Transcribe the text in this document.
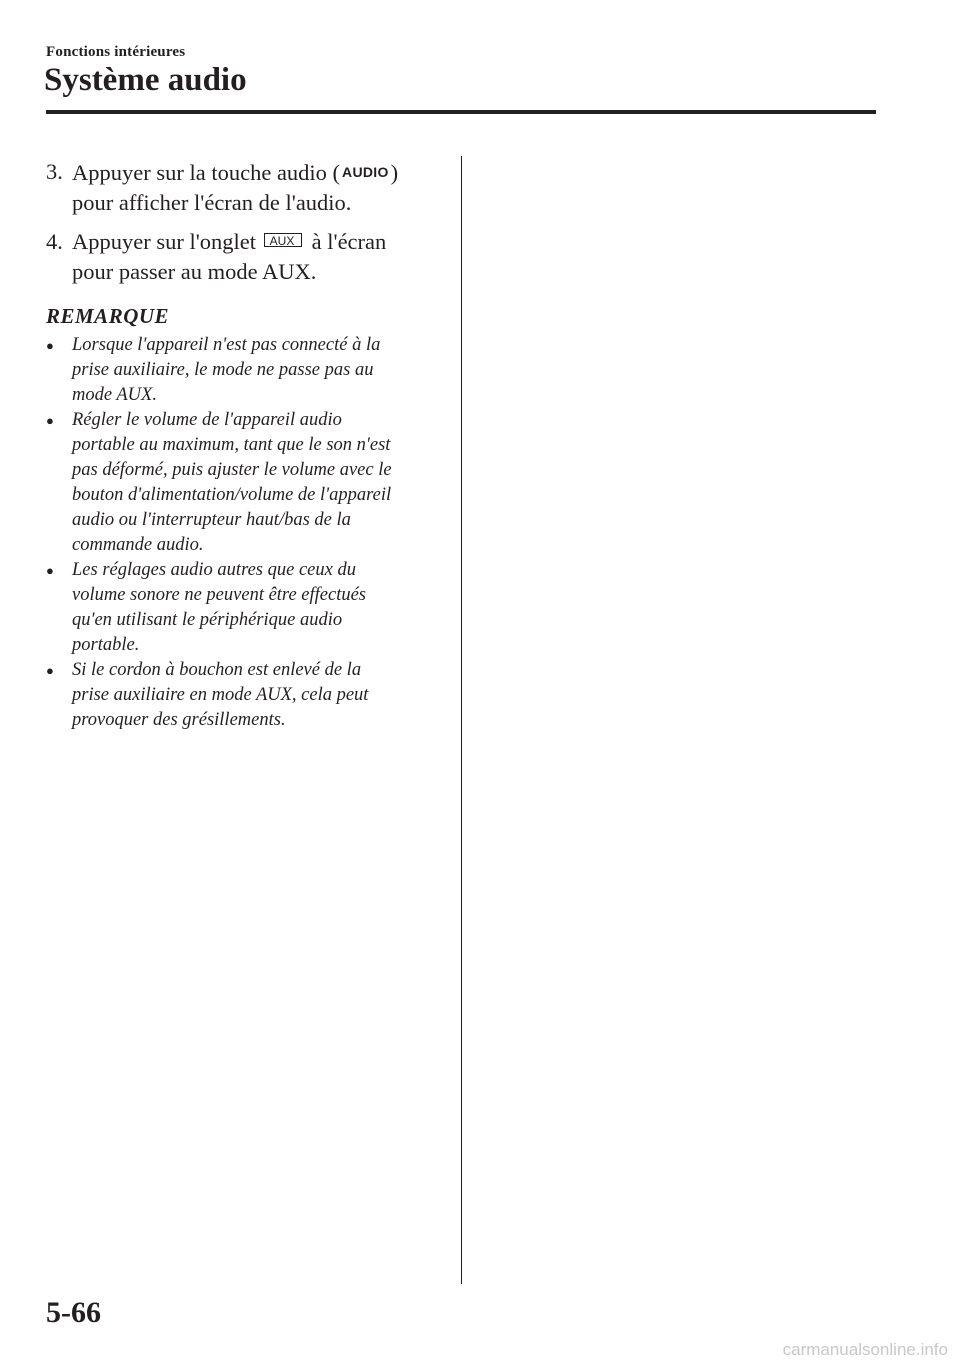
Fonctions intérieures
Système audio
3. Appuyer sur la touche audio ( AUDIO)
pour afficher l'écran de l'audio.
4. Appuyer sur l'onglet AUX à l'écran
pour passer au mode AUX.
REMARQUE
● Lorsque l'appareil n'est pas connecté à la
prise auxiliaire, le mode ne passe pas au
mode AUX.
● Régler le volume de l'appareil audio
portable au maximum, tant que le son n'est
pas déformé, puis ajuster le volume avec le
bouton d'alimentation/volume de l'appareil
audio ou l'interrupteur haut/bas de la
commande audio.
● Les réglages audio autres que ceux du
volume sonore ne peuvent être effectués
qu'en utilisant le périphérique audio
portable.
● Si le cordon à bouchon est enlevé de la
prise auxiliaire en mode AUX, cela peut
provoquer des grésillements.
5-66
carmanualsonline.info
